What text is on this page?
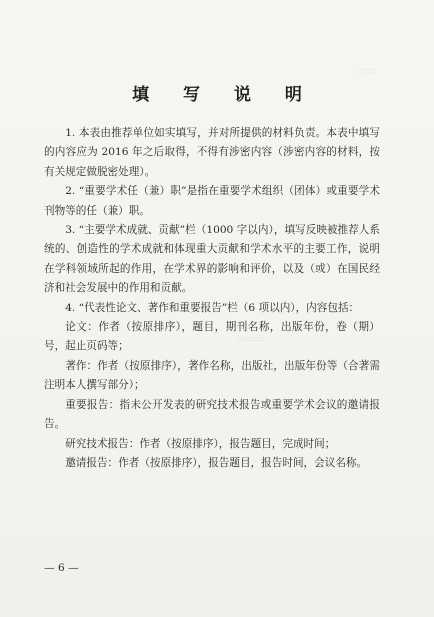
▭▭
▭▭▭
填 写 说 明

1. 本表由推荐单位如实填写，并对所提供的材料负责。本表中填写的内容应为 2016 年之后取得，不得有涉密内容（涉密内容的材料，按有关规定做脱密处理）。

2. “重要学术任（兼）职”是指在重要学术组织（团体）或重要学术刊物等的任（兼）职。

3. “主要学术成就、贡献”栏（1000 字以内），填写反映被推荐人系统的、创造性的学术成就和体现重大贡献和学术水平的主要工作，说明在学科领域所起的作用，在学术界的影响和评价，以及（或）在国民经济和社会发展中的作用和贡献。

4. “代表性论文、著作和重要报告”栏（6 项以内），内容包括：

论文：作者（按原排序），题目，期刊名称，出版年份，卷（期）号，起止页码等；

著作：作者（按原排序），著作名称，出版社，出版年份等（合著需注明本人撰写部分）；

重要报告：指未公开发表的研究技术报告或重要学术会议的邀请报告。

研究技术报告：作者（按原排序），报告题目，完成时间；

邀请报告：作者（按原排序），报告题目，报告时间，会议名称。

— 6 —
